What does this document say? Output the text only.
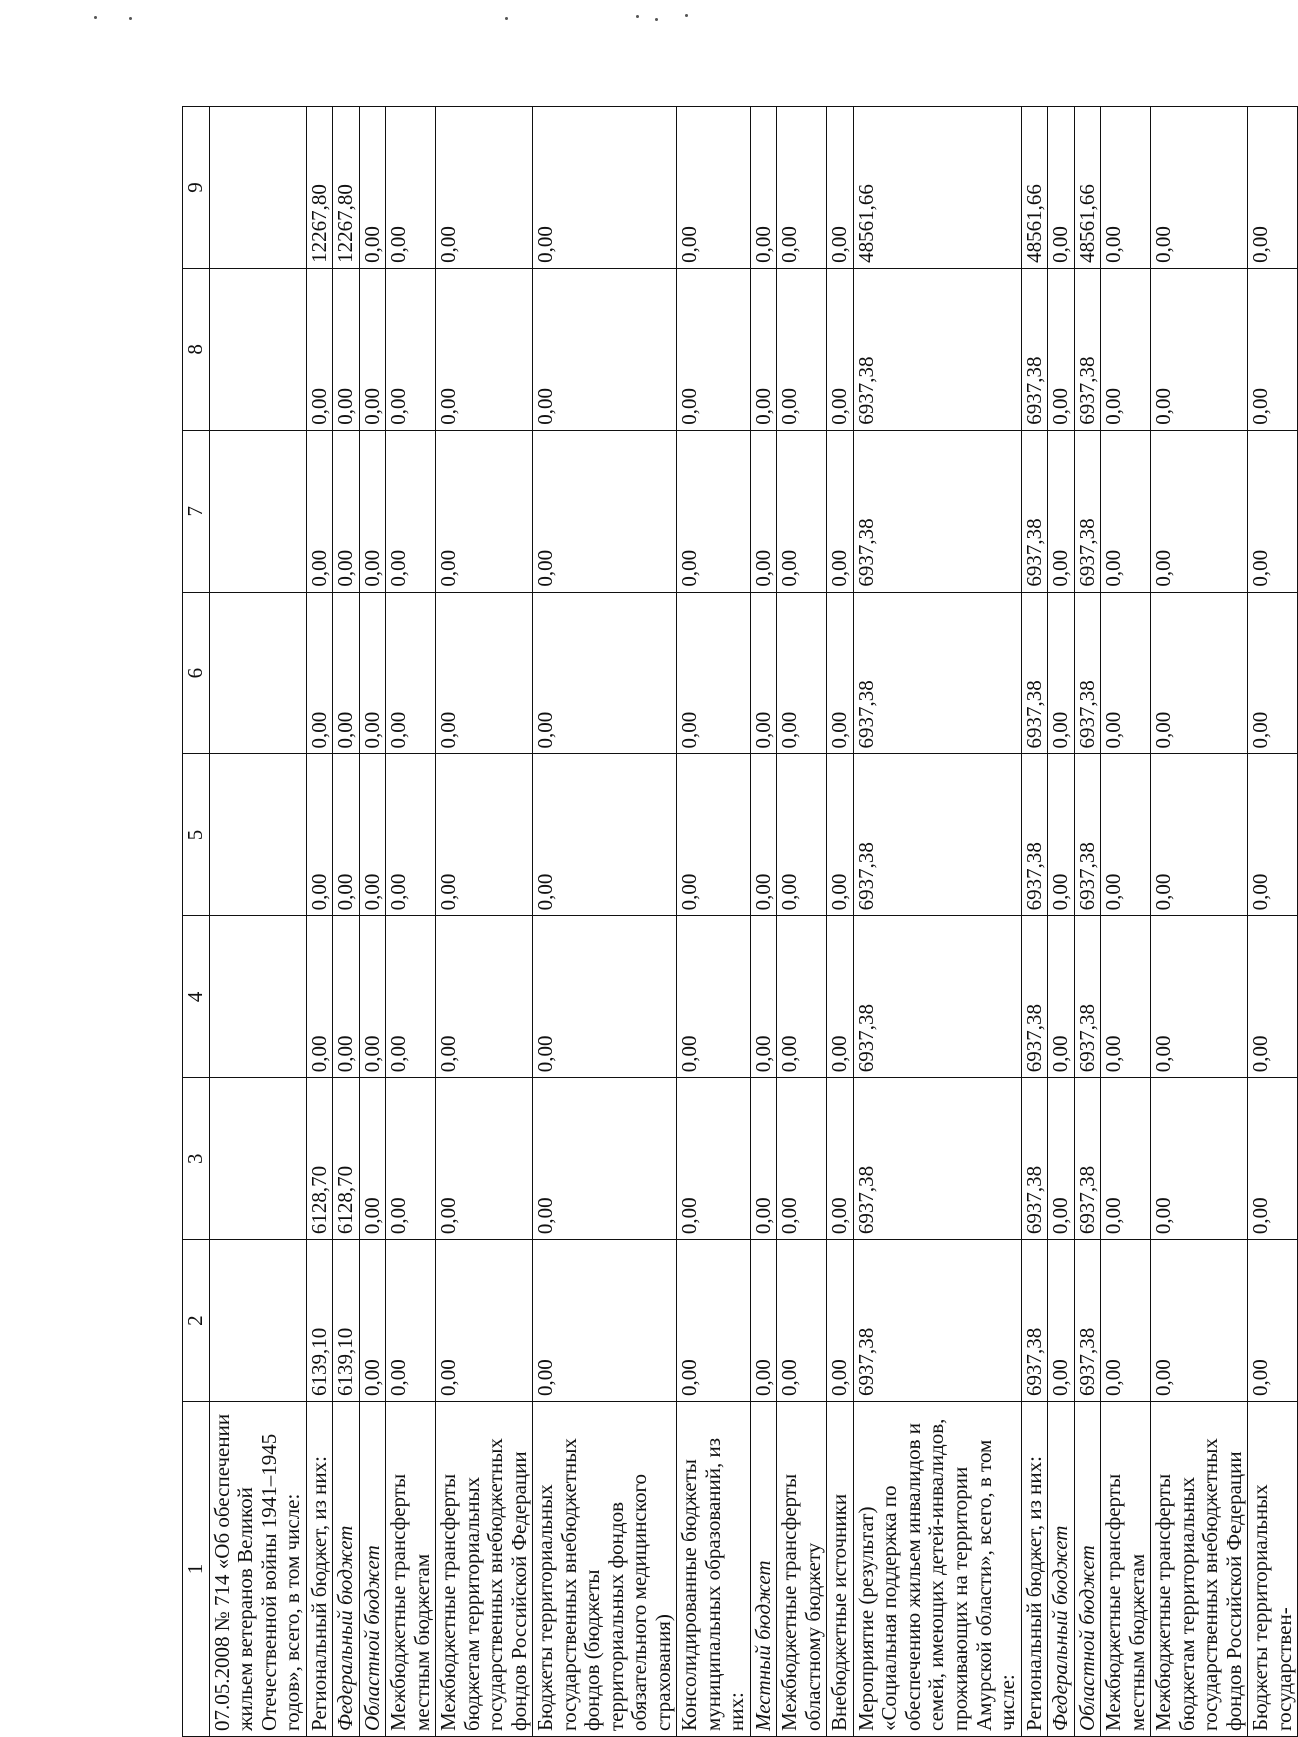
1	2	3	4	5	6	7	8	9
07.05.2008 № 714 «Об обеспечении жильем ветеранов Великой Отечественной войны 1941–1945 годов», всего, в том числе:								
Региональный бюджет, из них:	6139,10	6128,70	0,00	0,00	0,00	0,00	0,00	12267,80
Федеральный бюджет	6139,10	6128,70	0,00	0,00	0,00	0,00	0,00	12267,80
Областной бюджет	0,00	0,00	0,00	0,00	0,00	0,00	0,00	0,00
Межбюджетные трансферты местным бюджетам	0,00	0,00	0,00	0,00	0,00	0,00	0,00	0,00
Межбюджетные трансферты бюджетам территориальных государственных внебюджетных фондов Российской Федерации	0,00	0,00	0,00	0,00	0,00	0,00	0,00	0,00
Бюджеты территориальных государственных внебюджетных фондов (бюджеты территориальных фондов обязательного медицинского страхования)	0,00	0,00	0,00	0,00	0,00	0,00	0,00	0,00
Консолидированные бюджеты муниципальных образований, из них:	0,00	0,00	0,00	0,00	0,00	0,00	0,00	0,00
Местный бюджет	0,00	0,00	0,00	0,00	0,00	0,00	0,00	0,00
Межбюджетные трансферты областному бюджету	0,00	0,00	0,00	0,00	0,00	0,00	0,00	0,00
Внебюджетные источники	0,00	0,00	0,00	0,00	0,00	0,00	0,00	0,00
Мероприятие (результат) «Социальная поддержка по обеспечению жильем инвалидов и семей, имеющих детей-инвалидов, проживающих на территории Амурской области», всего, в том числе:	6937,38	6937,38	6937,38	6937,38	6937,38	6937,38	6937,38	48561,66
Региональный бюджет, из них:	6937,38	6937,38	6937,38	6937,38	6937,38	6937,38	6937,38	48561,66
Федеральный бюджет	0,00	0,00	0,00	0,00	0,00	0,00	0,00	0,00
Областной бюджет	6937,38	6937,38	6937,38	6937,38	6937,38	6937,38	6937,38	48561,66
Межбюджетные трансферты местным бюджетам	0,00	0,00	0,00	0,00	0,00	0,00	0,00	0,00
Межбюджетные трансферты бюджетам территориальных государственных внебюджетных фондов Российской Федерации	0,00	0,00	0,00	0,00	0,00	0,00	0,00	0,00
Бюджеты территориальных государствен-	0,00	0,00	0,00	0,00	0,00	0,00	0,00	0,00
